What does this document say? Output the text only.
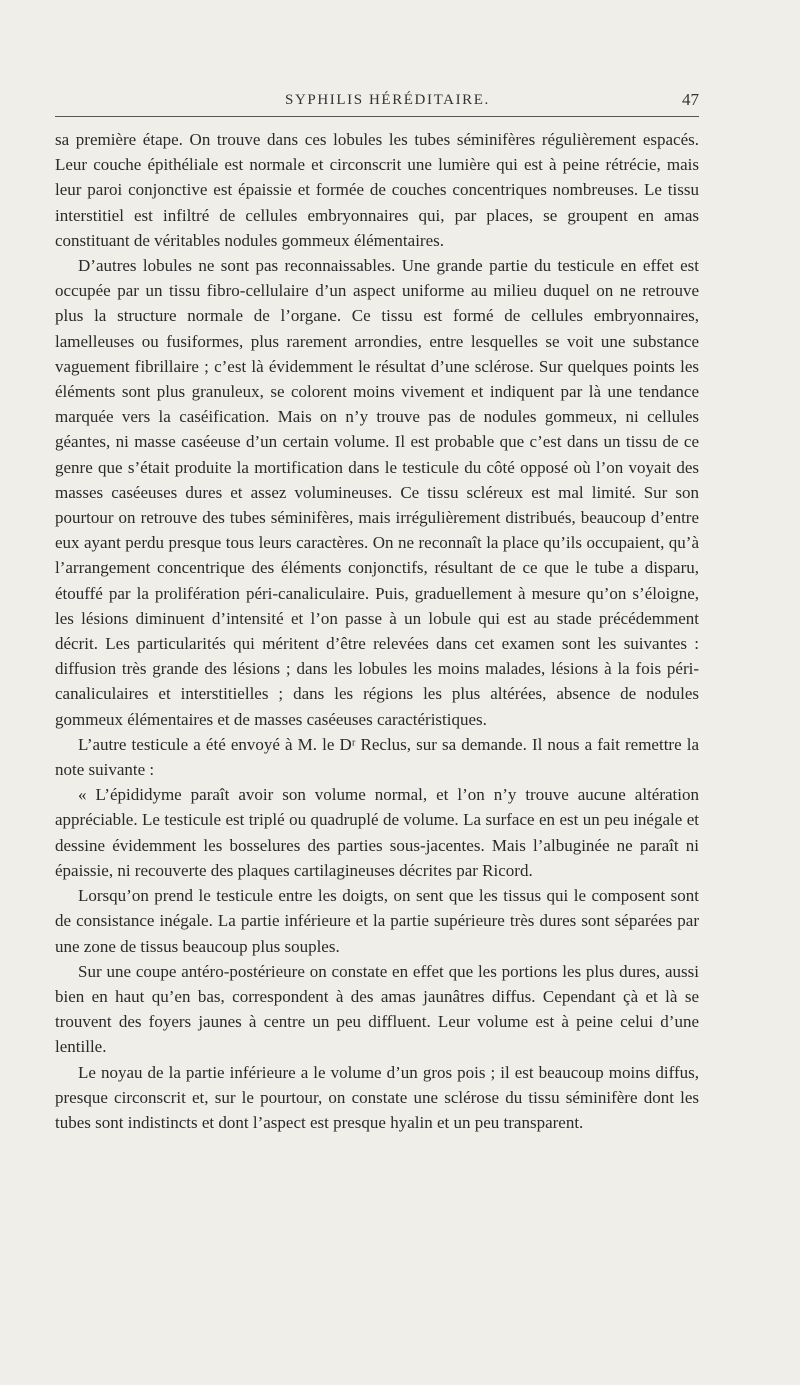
SYPHILIS HÉRÉDITAIRE.	47

sa première étape. On trouve dans ces lobules les tubes séminifères régulièrement espacés. Leur couche épithéliale est normale et circonscrit une lumière qui est à peine rétrécie, mais leur paroi conjonctive est épaissie et formée de couches concentriques nombreuses. Le tissu interstitiel est infiltré de cellules embryonnaires qui, par places, se groupent en amas constituant de véritables nodules gommeux élémentaires.

D’autres lobules ne sont pas reconnaissables. Une grande partie du testicule en effet est occupée par un tissu fibro-cellulaire d’un aspect uniforme au milieu duquel on ne retrouve plus la structure normale de l’organe. Ce tissu est formé de cellules embryonnaires, lamelleuses ou fusiformes, plus rarement arrondies, entre lesquelles se voit une substance vaguement fibrillaire ; c’est là évidemment le résultat d’une sclérose. Sur quelques points les éléments sont plus granuleux, se colorent moins vivement et indiquent par là une tendance marquée vers la caséification. Mais on n’y trouve pas de nodules gommeux, ni cellules géantes, ni masse caséeuse d’un certain volume. Il est probable que c’est dans un tissu de ce genre que s’était produite la mortification dans le testicule du côté opposé où l’on voyait des masses caséeuses dures et assez volumineuses. Ce tissu scléreux est mal limité. Sur son pourtour on retrouve des tubes séminifères, mais irrégulièrement distribués, beaucoup d’entre eux ayant perdu presque tous leurs caractères. On ne reconnaît la place qu’ils occupaient, qu’à l’arrangement concentrique des éléments conjonctifs, résultant de ce que le tube a disparu, étouffé par la prolifération péri-canaliculaire. Puis, graduellement à mesure qu’on s’éloigne, les lésions diminuent d’intensité et l’on passe à un lobule qui est au stade précédemment décrit. Les particularités qui méritent d’être relevées dans cet examen sont les suivantes : diffusion très grande des lésions ; dans les lobules les moins malades, lésions à la fois péri-canaliculaires et interstitielles ; dans les régions les plus altérées, absence de nodules gommeux élémentaires et de masses caséeuses caractéristiques.

L’autre testicule a été envoyé à M. le Dʳ Reclus, sur sa demande. Il nous a fait remettre la note suivante :

« L’épididyme paraît avoir son volume normal, et l’on n’y trouve aucune altération appréciable. Le testicule est triplé ou quadruplé de volume. La surface en est un peu inégale et dessine évidemment les bosselures des parties sous-jacentes. Mais l’albuginée ne paraît ni épaissie, ni recouverte des plaques cartilagineuses décrites par Ricord.

Lorsqu’on prend le testicule entre les doigts, on sent que les tissus qui le composent sont de consistance inégale. La partie inférieure et la partie supérieure très dures sont séparées par une zone de tissus beaucoup plus souples.

Sur une coupe antéro-postérieure on constate en effet que les portions les plus dures, aussi bien en haut qu’en bas, correspondent à des amas jaunâtres diffus. Cependant çà et là se trouvent des foyers jaunes à centre un peu diffluent. Leur volume est à peine celui d’une lentille.

Le noyau de la partie inférieure a le volume d’un gros pois ; il est beaucoup moins diffus, presque circonscrit et, sur le pourtour, on constate une sclérose du tissu séminifère dont les tubes sont indistincts et dont l’aspect est presque hyalin et un peu transparent.
